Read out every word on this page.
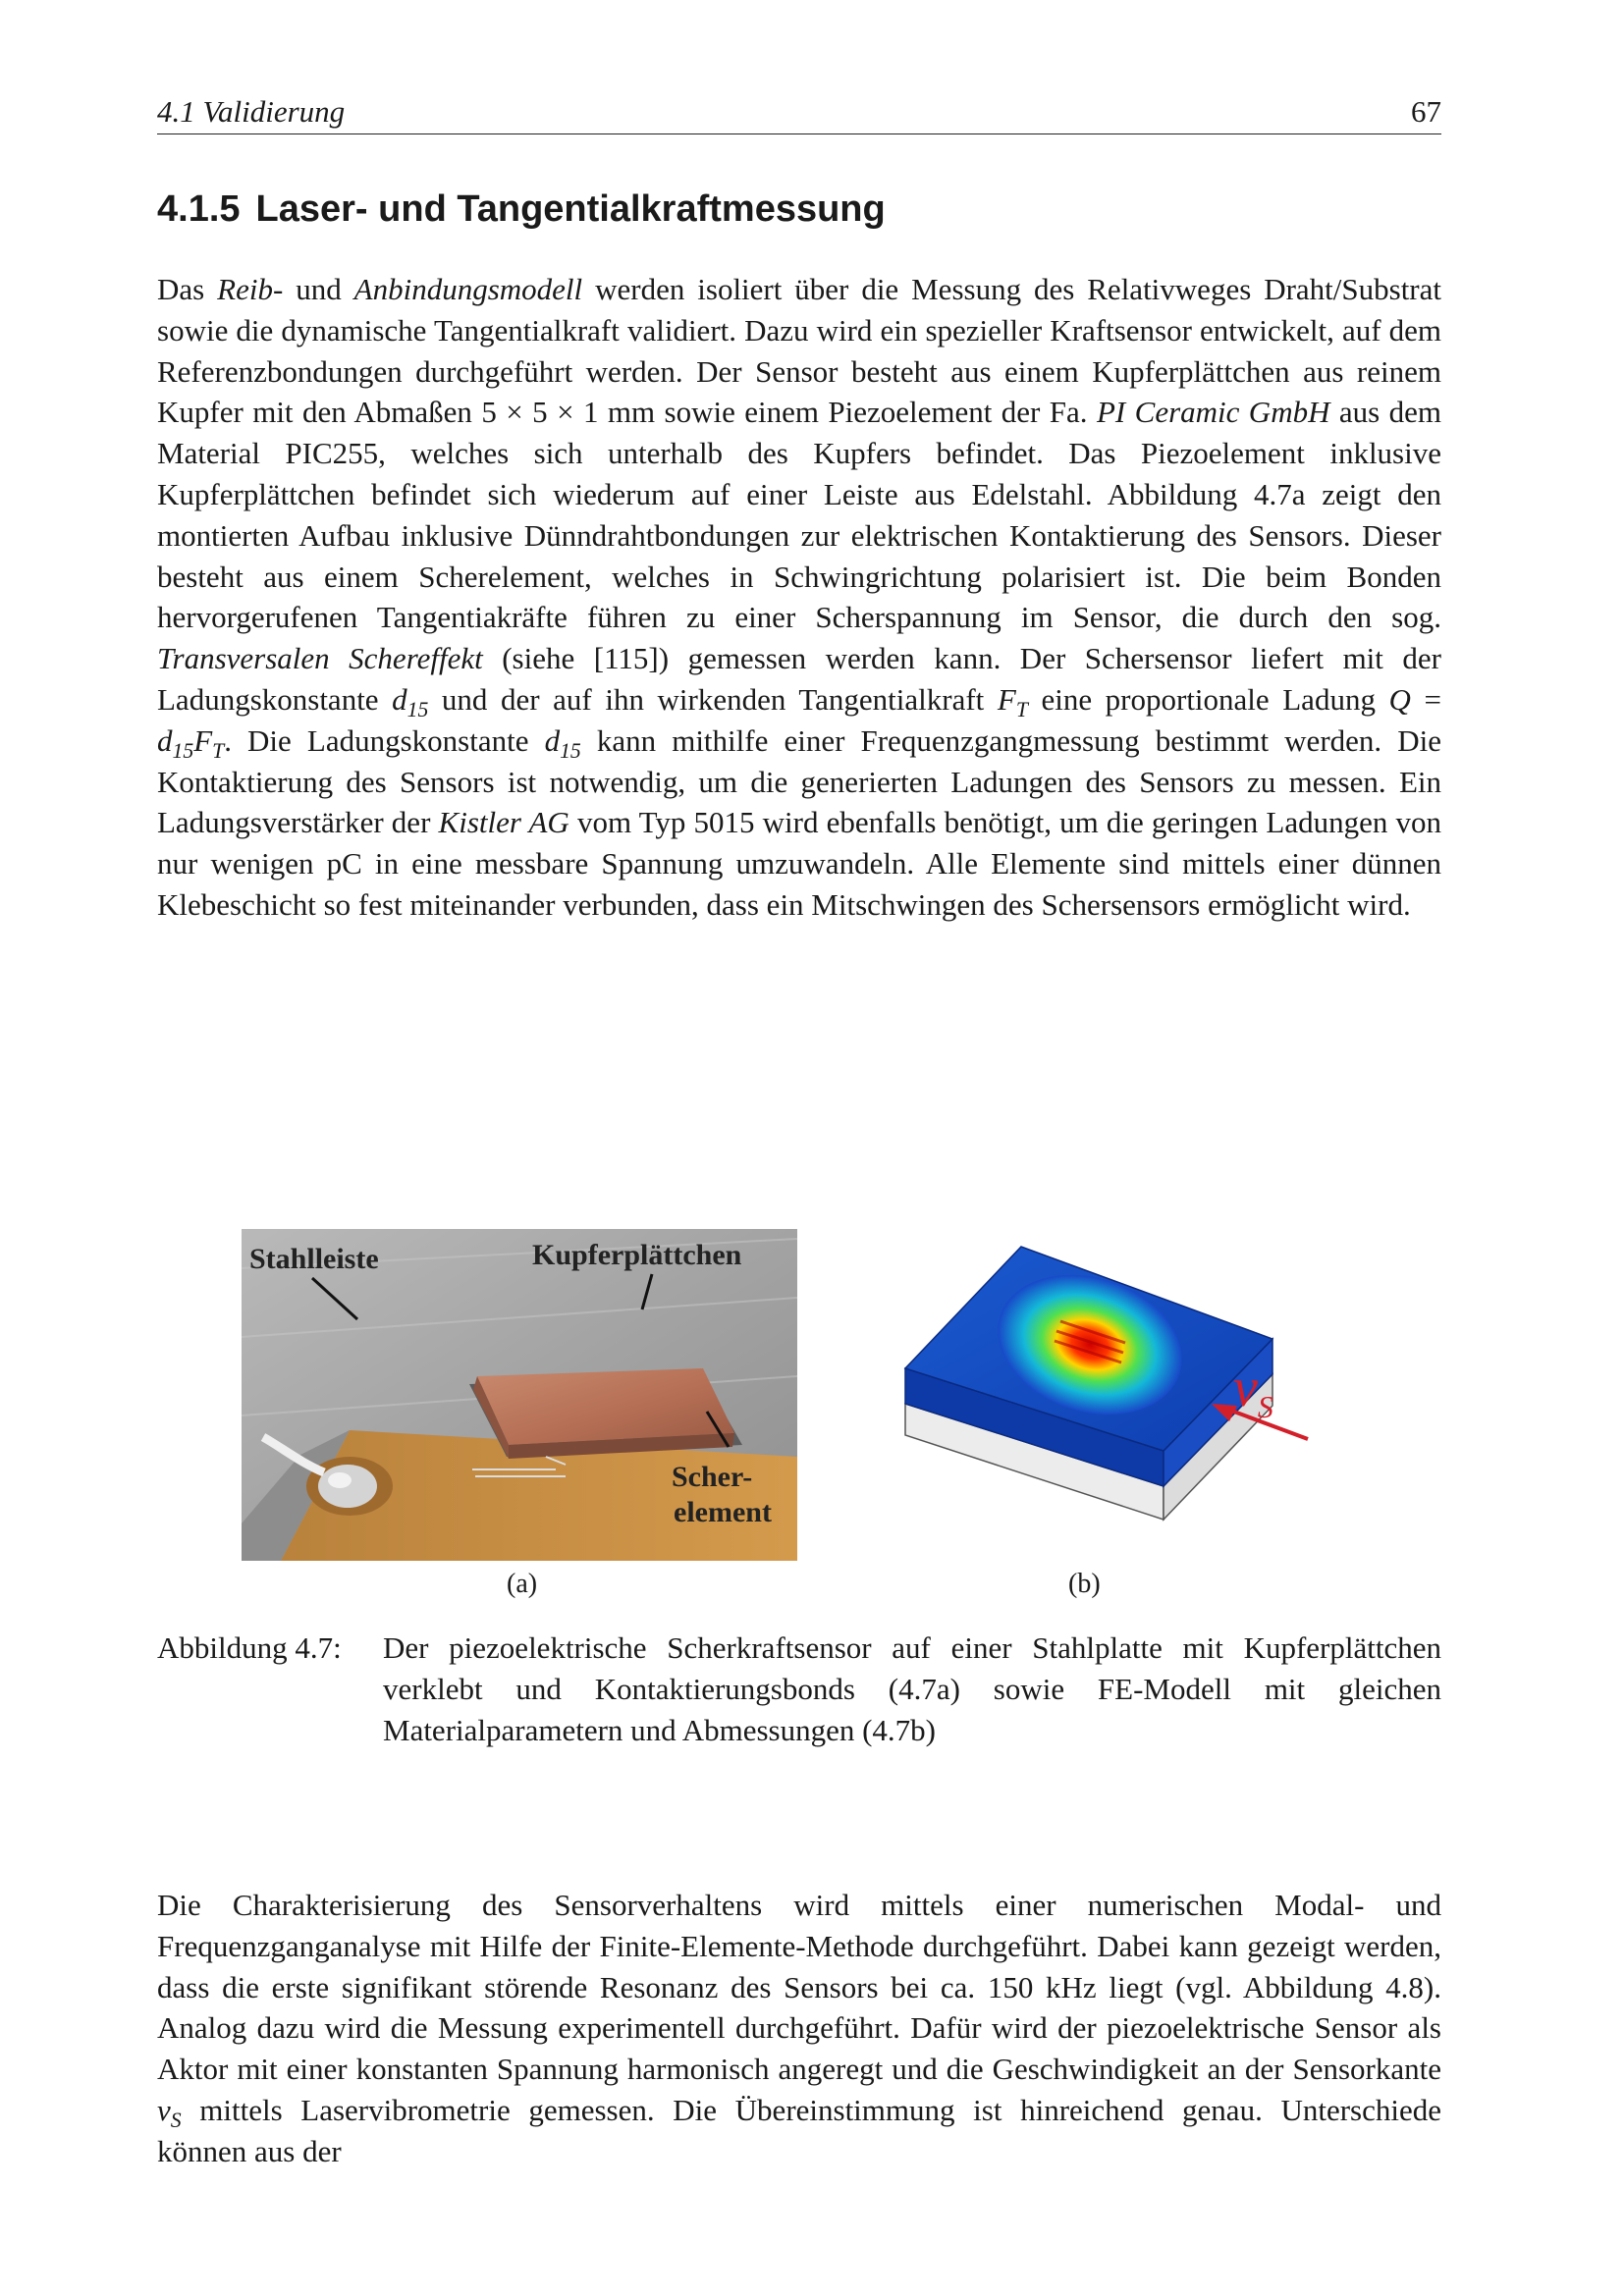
4.1 Validierung	67
4.1.5 Laser- und Tangentialkraftmessung

Das Reib- und Anbindungsmodell werden isoliert über die Messung des Relativweges Draht/Substrat sowie die dynamische Tangentialkraft validiert. Dazu wird ein spezieller Kraftsensor entwickelt, auf dem Referenzbondungen durchgeführt werden. Der Sensor besteht aus einem Kupferplättchen aus reinem Kupfer mit den Abmaßen 5 × 5 × 1 mm sowie einem Piezoelement der Fa. PI Ceramic GmbH aus dem Material PIC255, welches sich unterhalb des Kupfers befindet. Das Piezoelement inklusive Kupferplättchen befindet sich wiederum auf einer Leiste aus Edelstahl. Abbildung 4.7a zeigt den montierten Aufbau inklusive Dünndrahtbondungen zur elektrischen Kontaktierung des Sensors. Dieser besteht aus einem Scherelement, welches in Schwingrichtung polarisiert ist. Die beim Bonden hervorgerufenen Tangentiakräfte führen zu einer Scherspannung im Sensor, die durch den sog. Transversalen Schereffekt (siehe [115]) gemessen werden kann. Der Schersensor liefert mit der Ladungskonstante $d_{15}$ und der auf ihn wirkenden Tangentialkraft $F_T$ eine proportionale Ladung $Q = d_{15}F_T$. Die Ladungskonstante $d_{15}$ kann mithilfe einer Frequenzgangmessung bestimmt werden. Die Kontaktierung des Sensors ist notwendig, um die generierten Ladungen des Sensors zu messen. Ein Ladungsverstärker der Kistler AG vom Typ 5015 wird ebenfalls benötigt, um die geringen Ladungen von nur wenigen pC in eine messbare Spannung umzuwandeln. Alle Elemente sind mittels einer dünnen Klebeschicht so fest miteinander verbunden, dass ein Mitschwingen des Schersensors ermöglicht wird.

Stahlleiste	Kupferplättchen
Scher-
element
$v_S$
(a)	(b)
Abbildung 4.7: Der piezoelektrische Scherkraftsensor auf einer Stahlplatte mit Kupferplättchen verklebt und Kontaktierungsbonds (4.7a) sowie FE-Modell mit gleichen Materialparametern und Abmessungen (4.7b)

Die Charakterisierung des Sensorverhaltens wird mittels einer numerischen Modal- und Frequenzganganalyse mit Hilfe der Finite-Elemente-Methode durchgeführt. Dabei kann gezeigt werden, dass die erste signifikant störende Resonanz des Sensors bei ca. 150 kHz liegt (vgl. Abbildung 4.8). Analog dazu wird die Messung experimentell durchgeführt. Dafür wird der piezoelektrische Sensor als Aktor mit einer konstanten Spannung harmonisch angeregt und die Geschwindigkeit an der Sensorkante $v_S$ mittels Laservibrometrie gemessen. Die Übereinstimmung ist hinreichend genau. Unterschiede können aus der
